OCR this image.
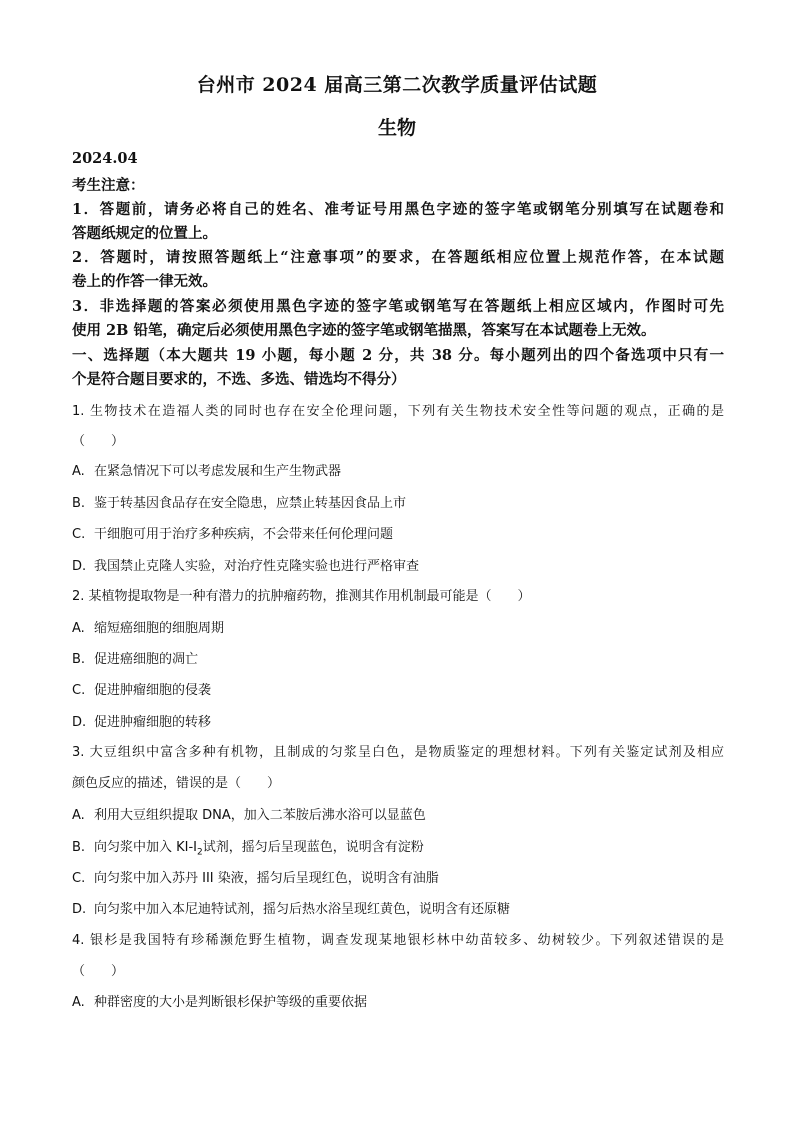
台州市 2024 届高三第二次教学质量评估试题
生物
2024.04
考生注意：
1．答题前，请务必将自己的姓名、准考证号用黑色字迹的签字笔或钢笔分别填写在试题卷和
答题纸规定的位置上。
2．答题时，请按照答题纸上“注意事项”的要求，在答题纸相应位置上规范作答，在本试题
卷上的作答一律无效。
3．非选择题的答案必须使用黑色字迹的签字笔或钢笔写在答题纸上相应区域内，作图时可先
使用 2B 铅笔，确定后必须使用黑色字迹的签字笔或钢笔描黑，答案写在本试题卷上无效。
一、选择题（本大题共 19 小题，每小题 2 分，共 38 分。每小题列出的四个备选项中只有一
个是符合题目要求的，不选、多选、错选均不得分）
1. 生物技术在造福人类的同时也存在安全伦理问题，下列有关生物技术安全性等问题的观点，正确的是
（　　）
A. 在紧急情况下可以考虑发展和生产生物武器
B. 鉴于转基因食品存在安全隐患，应禁止转基因食品上市
C. 干细胞可用于治疗多种疾病，不会带来任何伦理问题
D. 我国禁止克隆人实验，对治疗性克隆实验也进行严格审查
2. 某植物提取物是一种有潜力的抗肿瘤药物，推测其作用机制最可能是（　　）
A. 缩短癌细胞的细胞周期
B. 促进癌细胞的凋亡
C. 促进肿瘤细胞的侵袭
D. 促进肿瘤细胞的转移
3. 大豆组织中富含多种有机物，且制成的匀浆呈白色，是物质鉴定的理想材料。下列有关鉴定试剂及相应
颜色反应的描述，错误的是（　　）
A. 利用大豆组织提取 DNA，加入二苯胺后沸水浴可以显蓝色
B. 向匀浆中加入 $KI-I_2$试剂，摇匀后呈现蓝色，说明含有淀粉
C. 向匀浆中加入苏丹 III 染液，摇匀后呈现红色，说明含有油脂
D. 向匀浆中加入本尼迪特试剂，摇匀后热水浴呈现红黄色，说明含有还原糖
4. 银杉是我国特有珍稀濒危野生植物，调查发现某地银杉林中幼苗较多、幼树较少。下列叙述错误的是
（　　）
A. 种群密度的大小是判断银杉保护等级的重要依据
